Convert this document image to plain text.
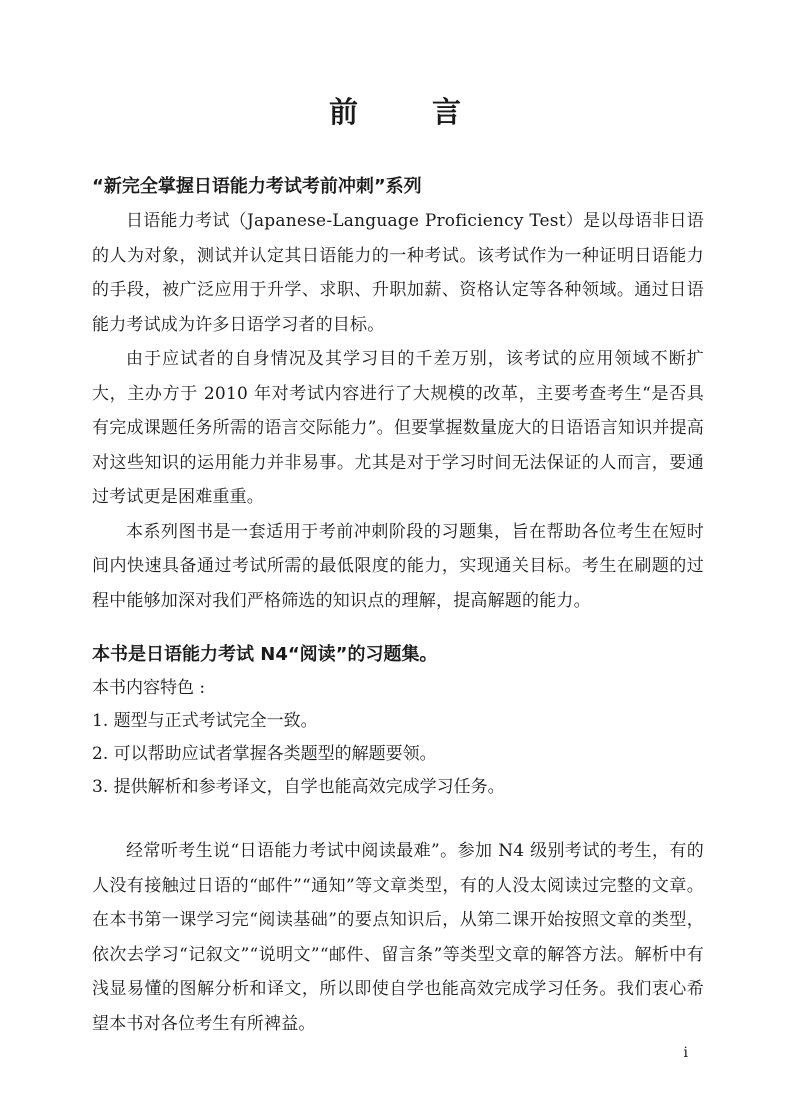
前 言

“新完全掌握日语能力考试考前冲刺”系列

日语能力考试（Japanese-Language Proficiency Test）是以母语非日语的人为对象，测试并认定其日语能力的一种考试。该考试作为一种证明日语能力的手段，被广泛应用于升学、求职、升职加薪、资格认定等各种领域。通过日语能力考试成为许多日语学习者的目标。

由于应试者的自身情况及其学习目的千差万别，该考试的应用领域不断扩大，主办方于 2010 年对考试内容进行了大规模的改革，主要考查考生“是否具有完成课题任务所需的语言交际能力”。但要掌握数量庞大的日语语言知识并提高对这些知识的运用能力并非易事。尤其是对于学习时间无法保证的人而言，要通过考试更是困难重重。

本系列图书是一套适用于考前冲刺阶段的习题集，旨在帮助各位考生在短时间内快速具备通过考试所需的最低限度的能力，实现通关目标。考生在刷题的过程中能够加深对我们严格筛选的知识点的理解，提高解题的能力。

本书是日语能力考试 N4“阅读”的习题集。

本书内容特色 :

1. 题型与正式考试完全一致。

2. 可以帮助应试者掌握各类题型的解题要领。

3. 提供解析和参考译文，自学也能高效完成学习任务。

经常听考生说“日语能力考试中阅读最难”。参加 N4 级别考试的考生，有的人没有接触过日语的“邮件”“通知”等文章类型，有的人没太阅读过完整的文章。在本书第一课学习完“阅读基础”的要点知识后，从第二课开始按照文章的类型，依次去学习“记叙文”“说明文”“邮件、留言条”等类型文章的解答方法。解析中有浅显易懂的图解分析和译文，所以即使自学也能高效完成学习任务。我们衷心希望本书对各位考生有所裨益。

i
